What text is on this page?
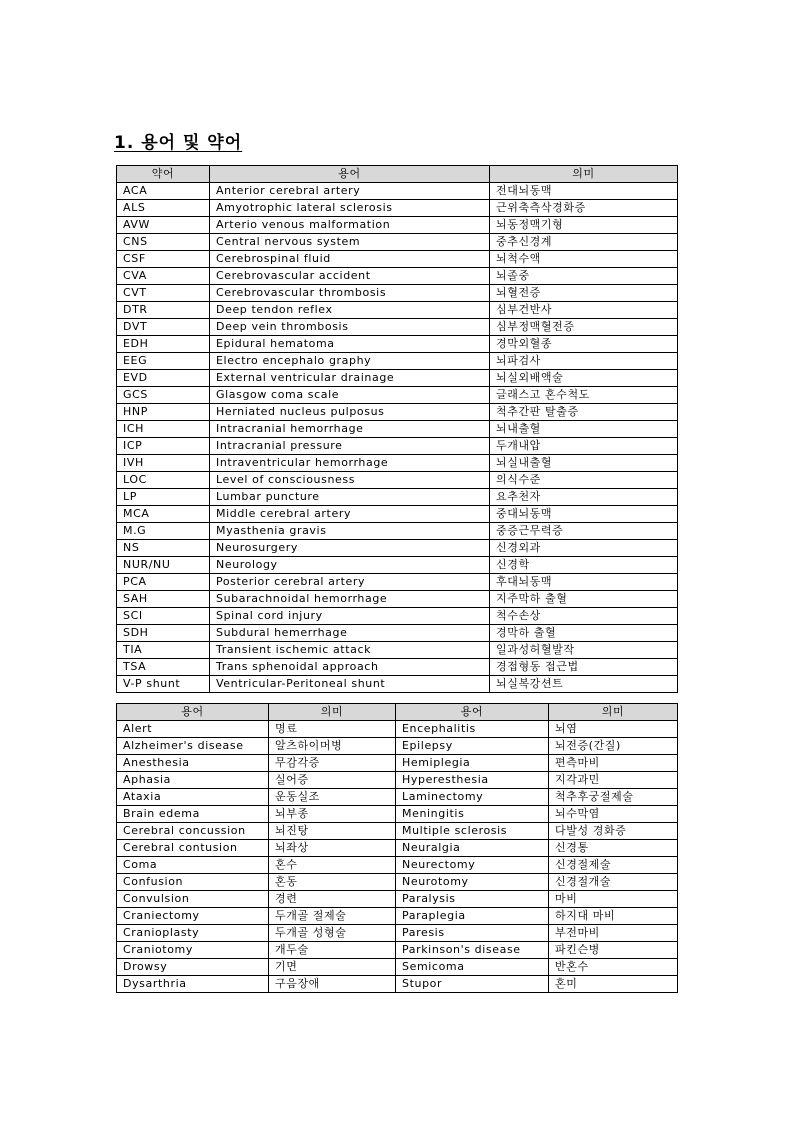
1. 용어 및 약어
약어	용어	의미
ACA	Anterior cerebral artery	전대뇌동맥
ALS	Amyotrophic lateral sclerosis	근위축측삭경화증
AVW	Arterio venous malformation	뇌동정맥기형
CNS	Central nervous system	중추신경계
CSF	Cerebrospinal fluid	뇌척수액
CVA	Cerebrovascular accident	뇌졸중
CVT	Cerebrovascular thrombosis	뇌혈전증
DTR	Deep tendon reflex	심부건반사
DVT	Deep vein thrombosis	심부정맥혈전증
EDH	Epidural hematoma	경막외혈종
EEG	Electro encephalo graphy	뇌파검사
EVD	External ventricular drainage	뇌실외배액술
GCS	Glasgow coma scale	글래스고 혼수척도
HNP	Herniated nucleus pulposus	척추간판 탈출증
ICH	Intracranial hemorrhage	뇌내출혈
ICP	Intracranial pressure	두개내압
IVH	Intraventricular hemorrhage	뇌실내출혈
LOC	Level of consciousness	의식수준
LP	Lumbar puncture	요추천자
MCA	Middle cerebral artery	중대뇌동맥
M.G	Myasthenia gravis	중증근무력증
NS	Neurosurgery	신경외과
NUR/NU	Neurology	신경학
PCA	Posterior cerebral artery	후대뇌동맥
SAH	Subarachnoidal hemorrhage	지주막하 출혈
SCI	Spinal cord injury	척수손상
SDH	Subdural hemerrhage	경막하 출혈
TIA	Transient ischemic attack	일과성허혈발작
TSA	Trans sphenoidal approach	경접형동 접근법
V-P shunt	Ventricular-Peritoneal shunt	뇌실복강션트
용어	의미	용어	의미
Alert	명료	Encephalitis	뇌염
Alzheimer's disease	알츠하이머병	Epilepsy	뇌전증(간질)
Anesthesia	무감각증	Hemiplegia	편측마비
Aphasia	실어증	Hyperesthesia	지각과민
Ataxia	운동실조	Laminectomy	척추후궁절제술
Brain edema	뇌부종	Meningitis	뇌수막염
Cerebral concussion	뇌진탕	Multiple sclerosis	다발성 경화증
Cerebral contusion	뇌좌상	Neuralgia	신경통
Coma	혼수	Neurectomy	신경절제술
Confusion	혼동	Neurotomy	신경절개술
Convulsion	경련	Paralysis	마비
Craniectomy	두개골 절제술	Paraplegia	하지대 마비
Cranioplasty	두개골 성형술	Paresis	부전마비
Craniotomy	개두술	Parkinson's disease	파킨슨병
Drowsy	기면	Semicoma	반혼수
Dysarthria	구음장애	Stupor	혼미
